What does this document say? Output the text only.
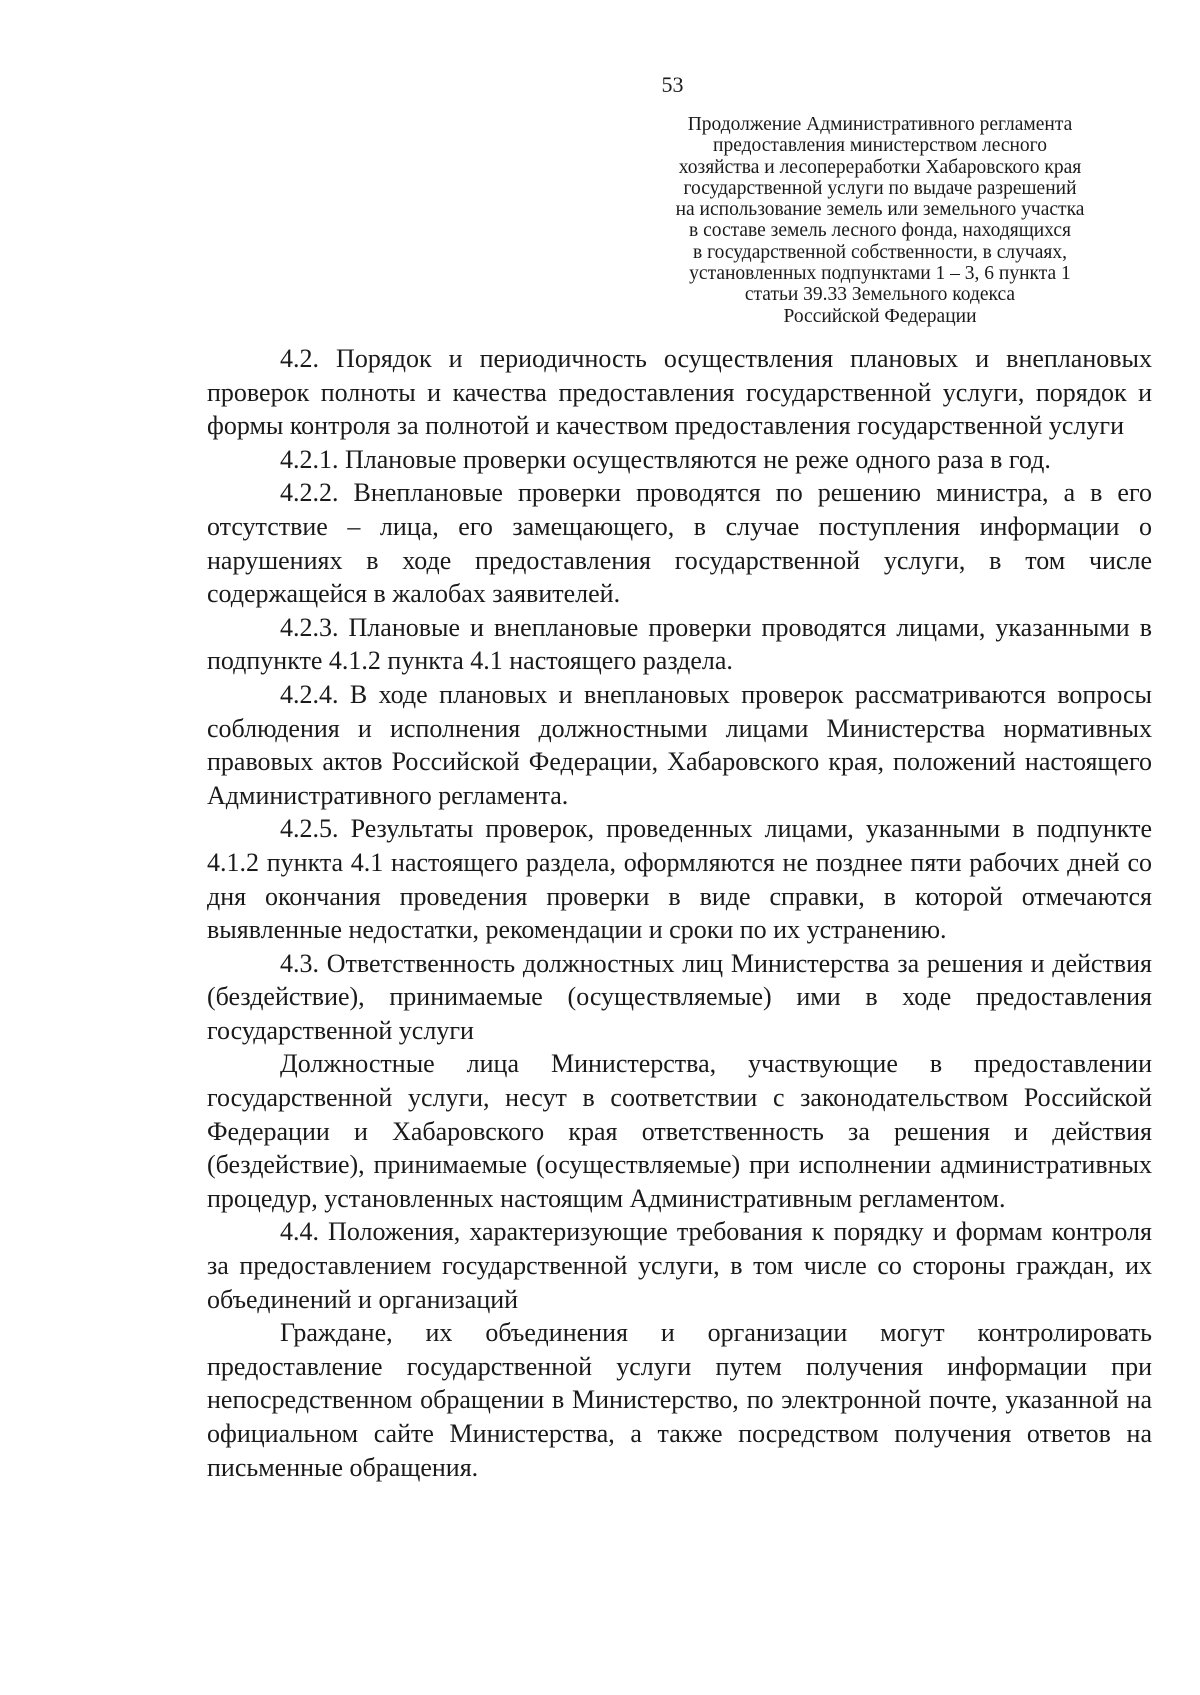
53
Продолжение Административного регламента
предоставления министерством лесного
хозяйства и лесопереработки Хабаровского края
государственной услуги по выдаче разрешений
на использование земель или земельного участка
в составе земель лесного фонда, находящихся
в государственной собственности, в случаях,
установленных подпунктами 1 – 3, 6 пункта 1
статьи 39.33 Земельного кодекса
Российской Федерации

4.2. Порядок и периодичность осуществления плановых и внеплановых проверок полноты и качества предоставления государственной услуги, порядок и формы контроля за полнотой и качеством предоставления государственной услуги

4.2.1. Плановые проверки осуществляются не реже одного раза в год.

4.2.2. Внеплановые проверки проводятся по решению министра, а в его отсутствие – лица, его замещающего, в случае поступления информации о нарушениях в ходе предоставления государственной услуги, в том числе содержащейся в жалобах заявителей.

4.2.3. Плановые и внеплановые проверки проводятся лицами, указанными в подпункте 4.1.2 пункта 4.1 настоящего раздела.

4.2.4. В ходе плановых и внеплановых проверок рассматриваются вопросы соблюдения и исполнения должностными лицами Министерства нормативных правовых актов Российской Федерации, Хабаровского края, положений настоящего Административного регламента.

4.2.5. Результаты проверок, проведенных лицами, указанными в подпункте 4.1.2 пункта 4.1 настоящего раздела, оформляются не позднее пяти рабочих дней со дня окончания проведения проверки в виде справки, в которой отмечаются выявленные недостатки, рекомендации и сроки по их устранению.

4.3. Ответственность должностных лиц Министерства за решения и действия (бездействие), принимаемые (осуществляемые) ими в ходе предоставления государственной услуги

Должностные лица Министерства, участвующие в предоставлении государственной услуги, несут в соответствии с законодательством Российской Федерации и Хабаровского края ответственность за решения и действия (бездействие), принимаемые (осуществляемые) при исполнении административных процедур, установленных настоящим Административным регламентом.

4.4. Положения, характеризующие требования к порядку и формам контроля за предоставлением государственной услуги, в том числе со стороны граждан, их объединений и организаций

Граждане, их объединения и организации могут контролировать предоставление государственной услуги путем получения информации при непосредственном обращении в Министерство, по электронной почте, указанной на официальном сайте Министерства, а также посредством получения ответов на письменные обращения.
